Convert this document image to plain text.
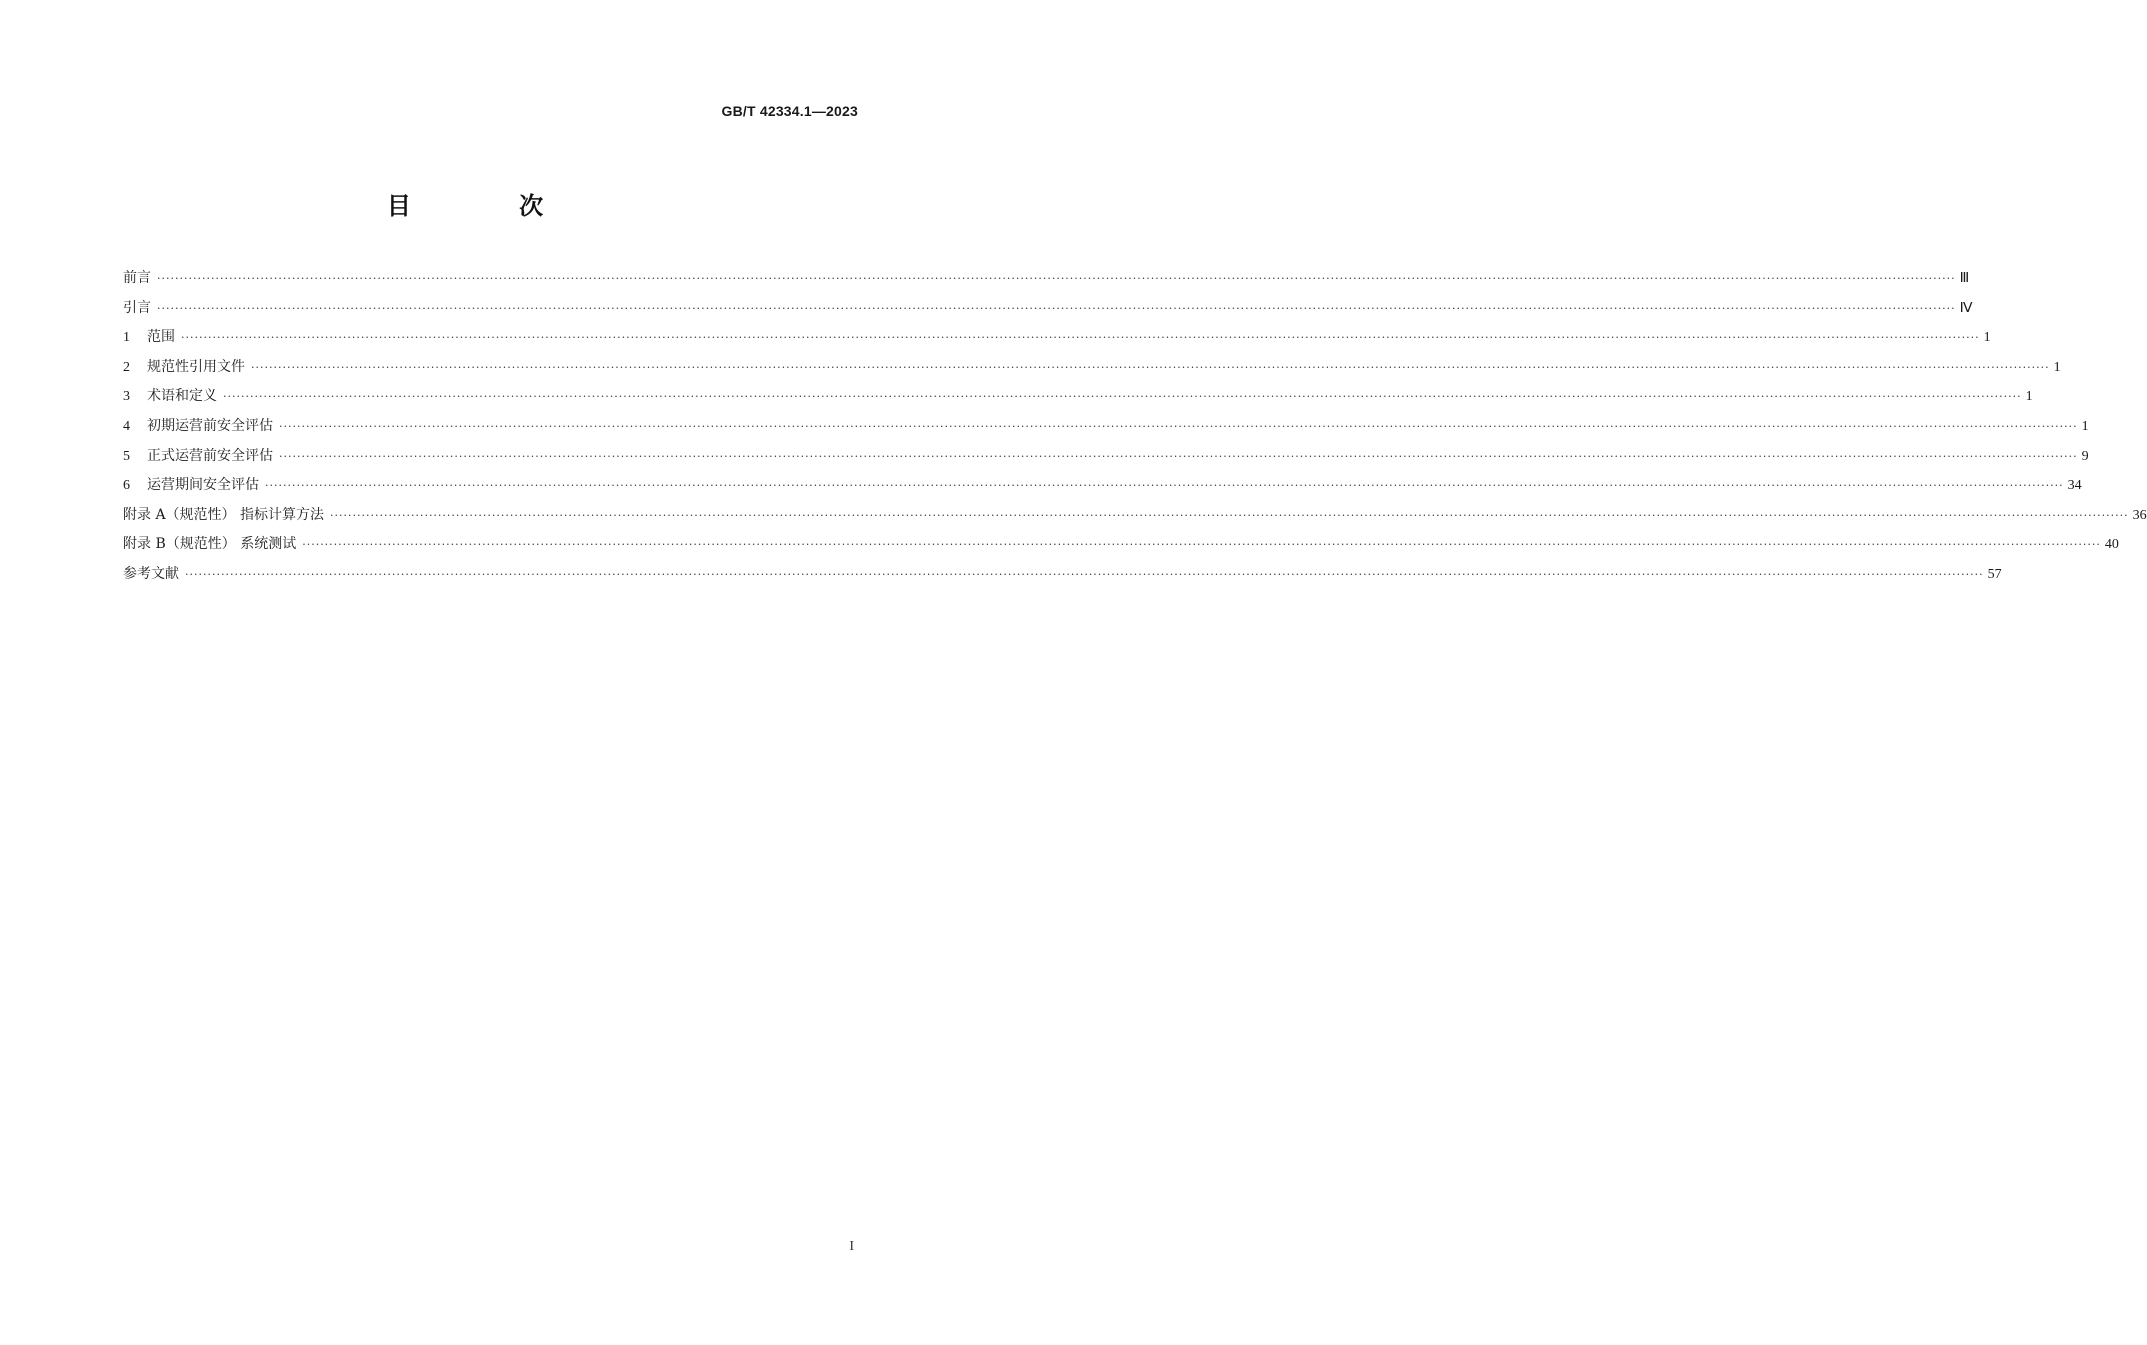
GB/T 42334.1—2023
目 次
前言 ················································································································································································································································································································································································································ Ⅲ
引言 ················································································································································································································································································································································································································ Ⅳ
1	范围 ················································································································································································································································································································································································································ 1
2	规范性引用文件 ················································································································································································································································································································································································································ 1
3	术语和定义 ················································································································································································································································································································································································································ 1
4	初期运营前安全评估 ················································································································································································································································································································································································································ 1
5	正式运营前安全评估 ················································································································································································································································································································································································································ 9
6	运营期间安全评估 ················································································································································································································································································································································································································ 34
附录 A（规范性） 指标计算方法 ················································································································································································································································································································································································································ 36
附录 B（规范性） 系统测试 ················································································································································································································································································································································································································ 40
参考文献 ················································································································································································································································································································································································································ 57
I
